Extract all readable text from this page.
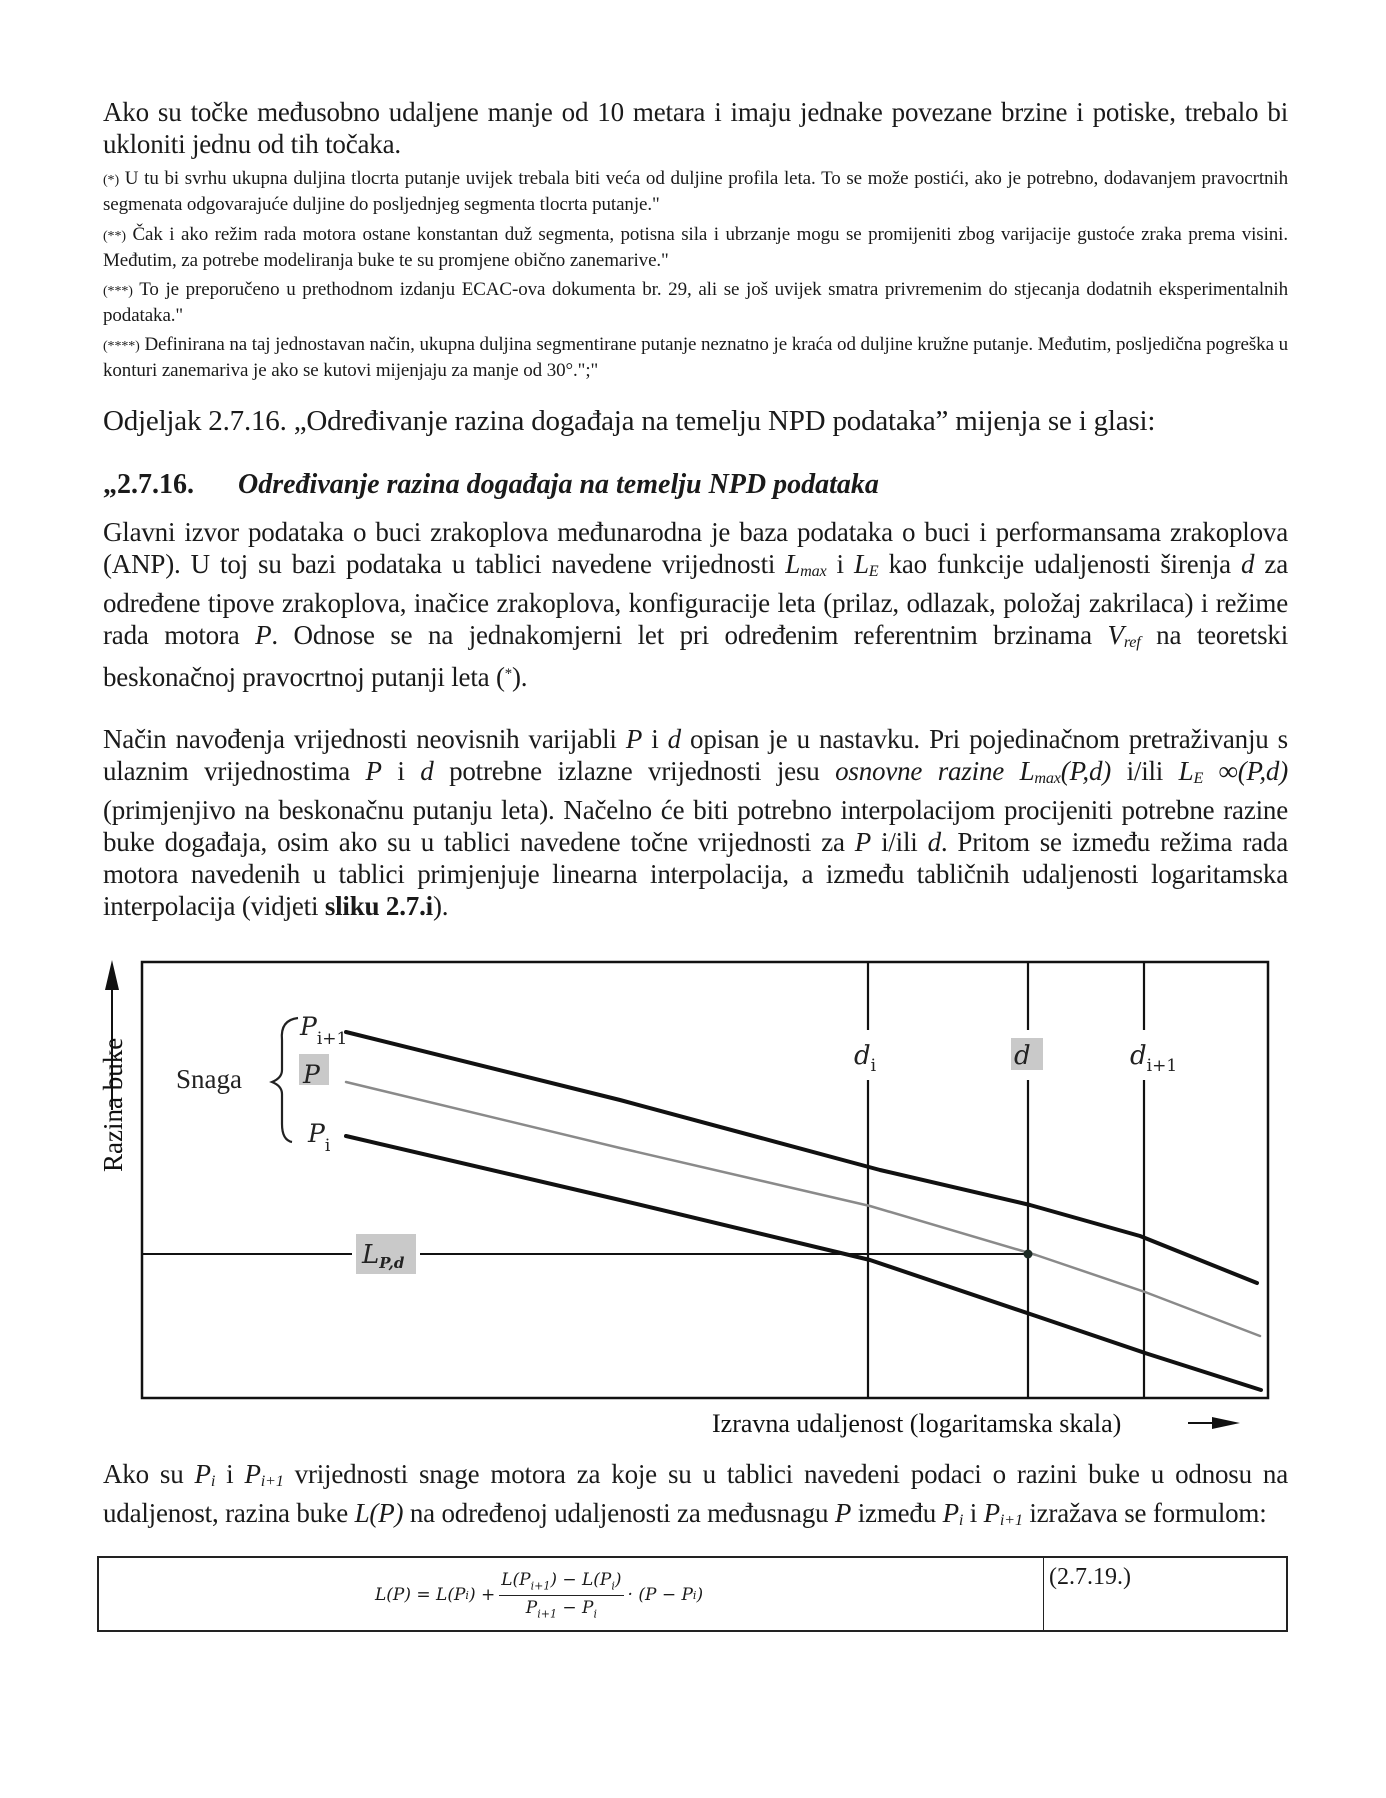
Ako su točke međusobno udaljene manje od 10 metara i imaju jednake povezane brzine i potiske, trebalo bi ukloniti jednu od tih točaka.
(*) U tu bi svrhu ukupna duljina tlocrta putanje uvijek trebala biti veća od duljine profila leta. To se može postići, ako je potrebno, dodavanjem pravocrtnih segmenata odgovarajuće duljine do posljednjeg segmenta tlocrta putanje."
(**) Čak i ako režim rada motora ostane konstantan duž segmenta, potisna sila i ubrzanje mogu se promijeniti zbog varijacije gustoće zraka prema visini. Međutim, za potrebe modeliranja buke te su promjene obično zanemarive."
(***) To je preporučeno u prethodnom izdanju ECAC-ova dokumenta br. 29, ali se još uvijek smatra privremenim do stjecanja dodatnih eksperimentalnih podataka."
(****) Definirana na taj jednostavan način, ukupna duljina segmentirane putanje neznatno je kraća od duljine kružne putanje. Međutim, posljedična pogreška u konturi zanemariva je ako se kutovi mijenjaju za manje od 30°.";"
Odjeljak 2.7.16. „Određivanje razina događaja na temelju NPD podataka” mijenja se i glasi:
„2.7.16. Određivanje razina događaja na temelju NPD podataka
Glavni izvor podataka o buci zrakoplova međunarodna je baza podataka o buci i performansama zrakoplova (ANP). U toj su bazi podataka u tablici navedene vrijednosti $L_{max}$ i $L_E$ kao funkcije udaljenosti širenja d za određene tipove zrakoplova, inačice zrakoplova, konfiguracije leta (prilaz, odlazak, položaj zakrilaca) i režime rada motora P. Odnose se na jednakomjerni let pri određenim referentnim brzinama $V_{ref}$ na teoretski beskonačnoj pravocrtnoj putanji leta (*).
Način navođenja vrijednosti neovisnih varijabli P i d opisan je u nastavku. Pri pojedinačnom pretraživanju s ulaznim vrijednostima P i d potrebne izlazne vrijednosti jesu osnovne razine $L_{max}(P,d)$ i/ili $L_E$ ∞(P,d) (primjenjivo na beskonačnu putanju leta). Načelno će biti potrebno interpolacijom procijeniti potrebne razine buke događaja, osim ako su u tablici navedene točne vrijednosti za P i/ili d. Pritom se između režima rada motora navedenih u tablici primjenjuje linearna interpolacija, a između tabličnih udaljenosti logaritamska interpolacija (vidjeti sliku 2.7.i).
Razina buke	$d_i$	d	$d_{i+1}$
LP,d
Snaga
$P_{i+1}$
P
$P_i$
Izravna udaljenost (logaritamska skala)
Ako su $P_i$ i $P_{i+1}$ vrijednosti snage motora za koje su u tablici navedeni podaci o razini buke u odnosu na udaljenost, razina buke L(P) na određenoj udaljenosti za međusnagu P između $P_i$ i $P_{i+1}$ izražava se formulom:
L(P) = L(P i ) + $\frac{L(P_{i+1}) - L(P_i)}{P_{i+1} - P_i} \cdot (P - P$ i )
(2.7.19.)
